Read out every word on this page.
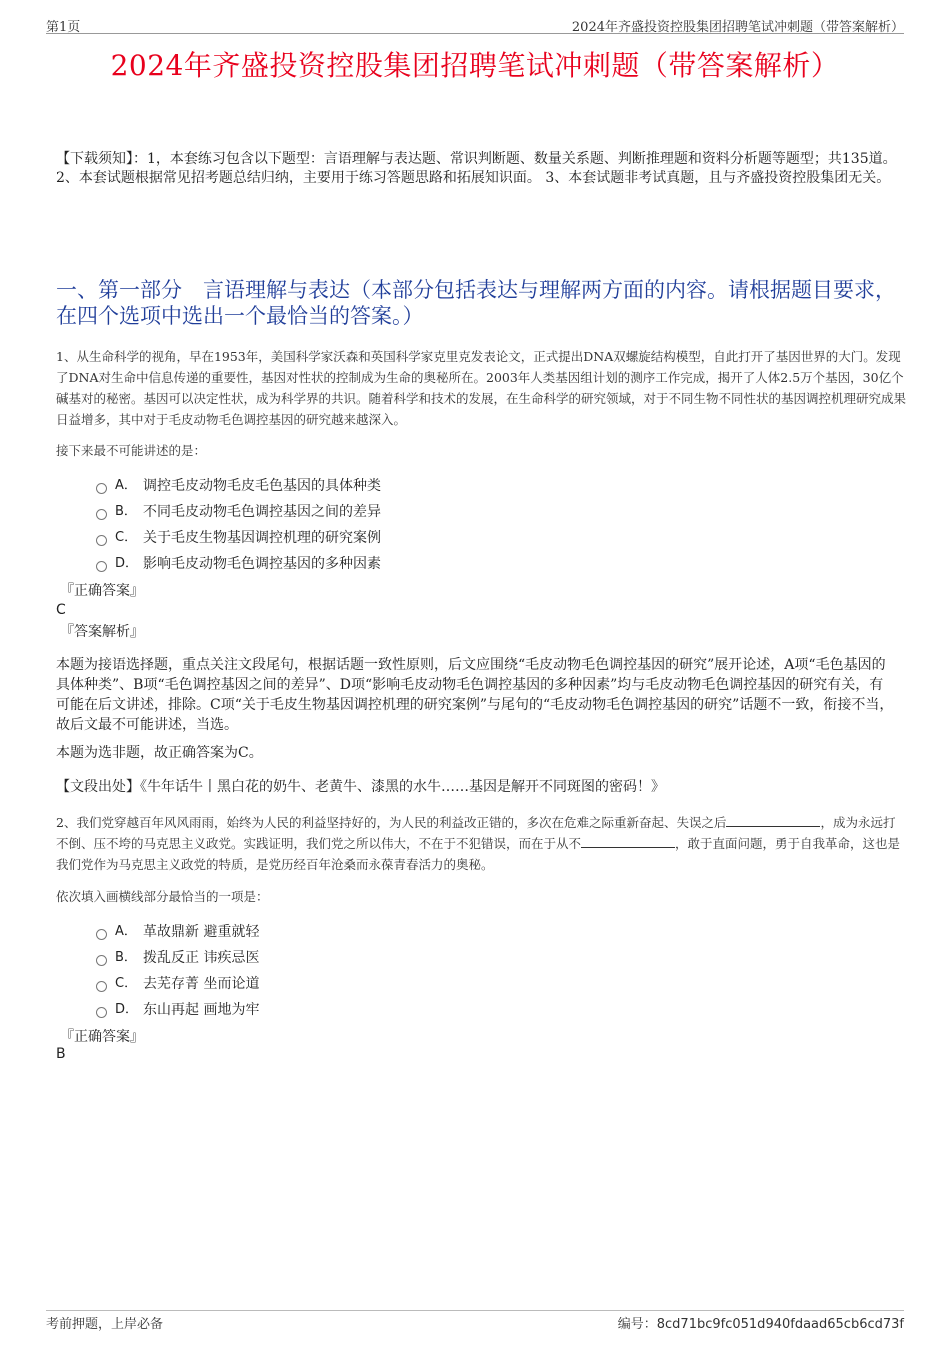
第1页	2024年齐盛投资控股集团招聘笔试冲刺题（带答案解析）
2024年齐盛投资控股集团招聘笔试冲刺题（带答案解析）
【下载须知】：1，本套练习包含以下题型：言语理解与表达题、常识判断题、数量关系题、判断推理题和资料分析题等题型；共135道。 2、本套试题根据常见招考题总结归纳，主要用于练习答题思路和拓展知识面。 3、本套试题非考试真题，且与齐盛投资控股集团无关。
一、第一部分　言语理解与表达（本部分包括表达与理解两方面的内容。请根据题目要求，在四个选项中选出一个最恰当的答案。）
1、从生命科学的视角，早在1953年，美国科学家沃森和英国科学家克里克发表论文，正式提出DNA双螺旋结构模型，自此打开了基因世界的大门。发现了DNA对生命中信息传递的重要性，基因对性状的控制成为生命的奥秘所在。2003年人类基因组计划的测序工作完成，揭开了人体2.5万个基因，30亿个碱基对的秘密。基因可以决定性状，成为科学界的共识。随着科学和技术的发展，在生命科学的研究领域，对于不同生物不同性状的基因调控机理研究成果日益增多，其中对于毛皮动物毛色调控基因的研究越来越深入。
接下来最不可能讲述的是：
A． 调控毛皮动物毛皮毛色基因的具体种类
B． 不同毛皮动物毛色调控基因之间的差异
C． 关于毛皮生物基因调控机理的研究案例
D． 影响毛皮动物毛色调控基因的多种因素
『正确答案』
C
『答案解析』
本题为接语选择题，重点关注文段尾句，根据话题一致性原则，后文应围绕“毛皮动物毛色调控基因的研究”展开论述，A项“毛色基因的具体种类”、B项“毛色调控基因之间的差异”、D项“影响毛皮动物毛色调控基因的多种因素”均与毛皮动物毛色调控基因的研究有关，有可能在后文讲述，排除。C项“关于毛皮生物基因调控机理的研究案例”与尾句的“毛皮动物毛色调控基因的研究”话题不一致，衔接不当，故后文最不可能讲述，当选。
本题为选非题，故正确答案为C。
【文段出处】《牛年话牛丨黑白花的奶牛、老黄牛、漆黑的水牛……基因是解开不同斑图的密码！》
2、我们党穿越百年风风雨雨，始终为人民的利益坚持好的，为人民的利益改正错的，多次在危难之际重新奋起、失误之后	，成为永远打不倒、压不垮的马克思主义政党。实践证明，我们党之所以伟大，不在于不犯错误，而在于从不	，敢于直面问题，勇于自我革命，这也是我们党作为马克思主义政党的特质，是党历经百年沧桑而永葆青春活力的奥秘。
依次填入画横线部分最恰当的一项是：
A． 革故鼎新 避重就轻
B． 拨乱反正 讳疾忌医
C． 去芜存菁 坐而论道
D． 东山再起 画地为牢
『正确答案』
B
考前押题，上岸必备	编号：8cd71bc9fc051d940fdaad65cb6cd73f
